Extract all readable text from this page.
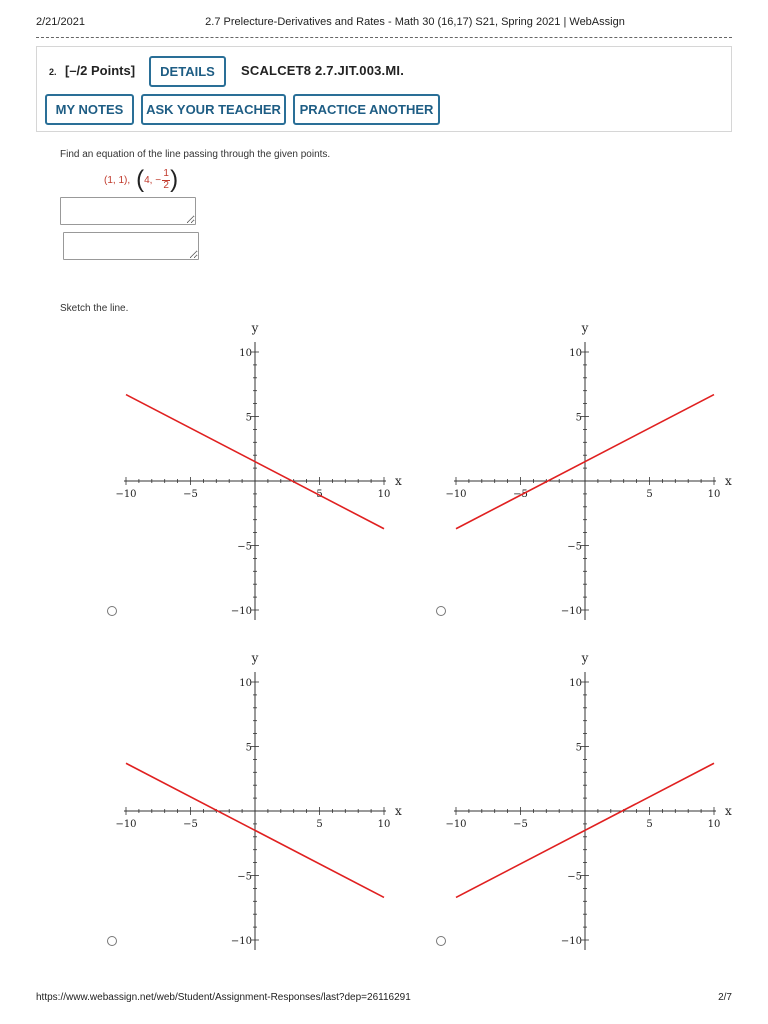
2/21/2021	2.7 Prelecture-Derivatives and Rates - Math 30 (16,17) S21, Spring 2021 | WebAssign
2. [–/2 Points]	DETAILS	SCALCET8 2.7.JIT.003.MI.
MY NOTES	ASK YOUR TEACHER	PRACTICE ANOTHER
Find an equation of the line passing through the given points.
(1, 1), ( 4, − $\frac{1}{2}$ )
Sketch the line.
−10	−5	5	10
10
5
−5
−10
x
y
−10	−5	5	10
10
5
−5
−10
x
y
−10	−5	5	10
10
5
−5
−10
x
y
−10	−5	5	10
10
5
−5
−10
x
y
https://www.webassign.net/web/Student/Assignment-Responses/last?dep=26116291	2/7
